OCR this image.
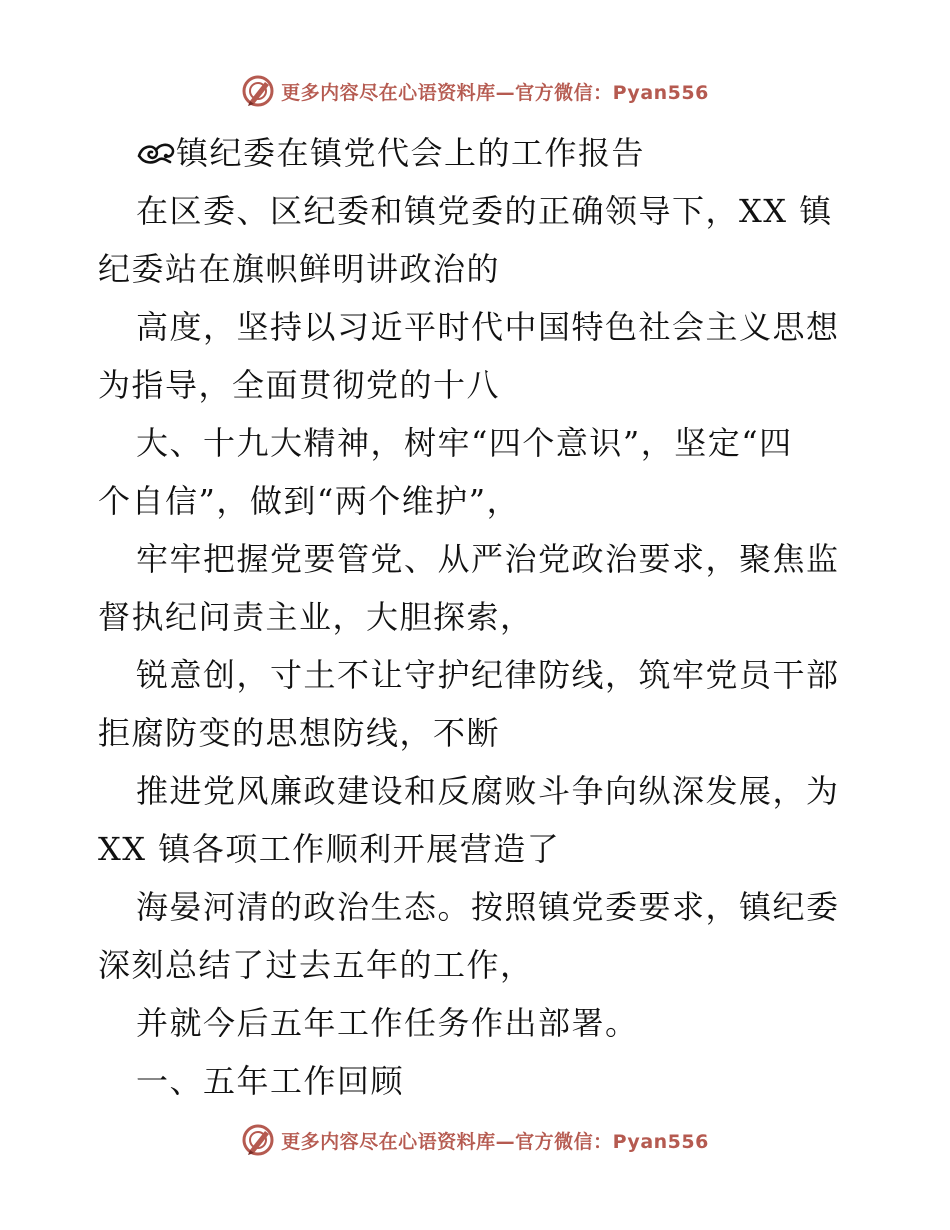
更多内容尽在心语资料库—官方微信：Pyan556
镇纪委在镇党代会上的工作报告
在区委、区纪委和镇党委的正确领导下，XX 镇
纪委站在旗帜鲜明讲政治的
高度，坚持以习近平时代中国特色社会主义思想
为指导，全面贯彻党的十八
大、十九大精神，树牢“四个意识”，坚定“四
个自信”，做到“两个维护”，
牢牢把握党要管党、从严治党政治要求，聚焦监
督执纪问责主业，大胆探索，
锐意创，寸土不让守护纪律防线，筑牢党员干部
拒腐防变的思想防线，不断
推进党风廉政建设和反腐败斗争向纵深发展，为
XX 镇各项工作顺利开展营造了
海晏河清的政治生态。按照镇党委要求，镇纪委
深刻总结了过去五年的工作，
并就今后五年工作任务作出部署。
一、五年工作回顾
更多内容尽在心语资料库—官方微信：Pyan556
